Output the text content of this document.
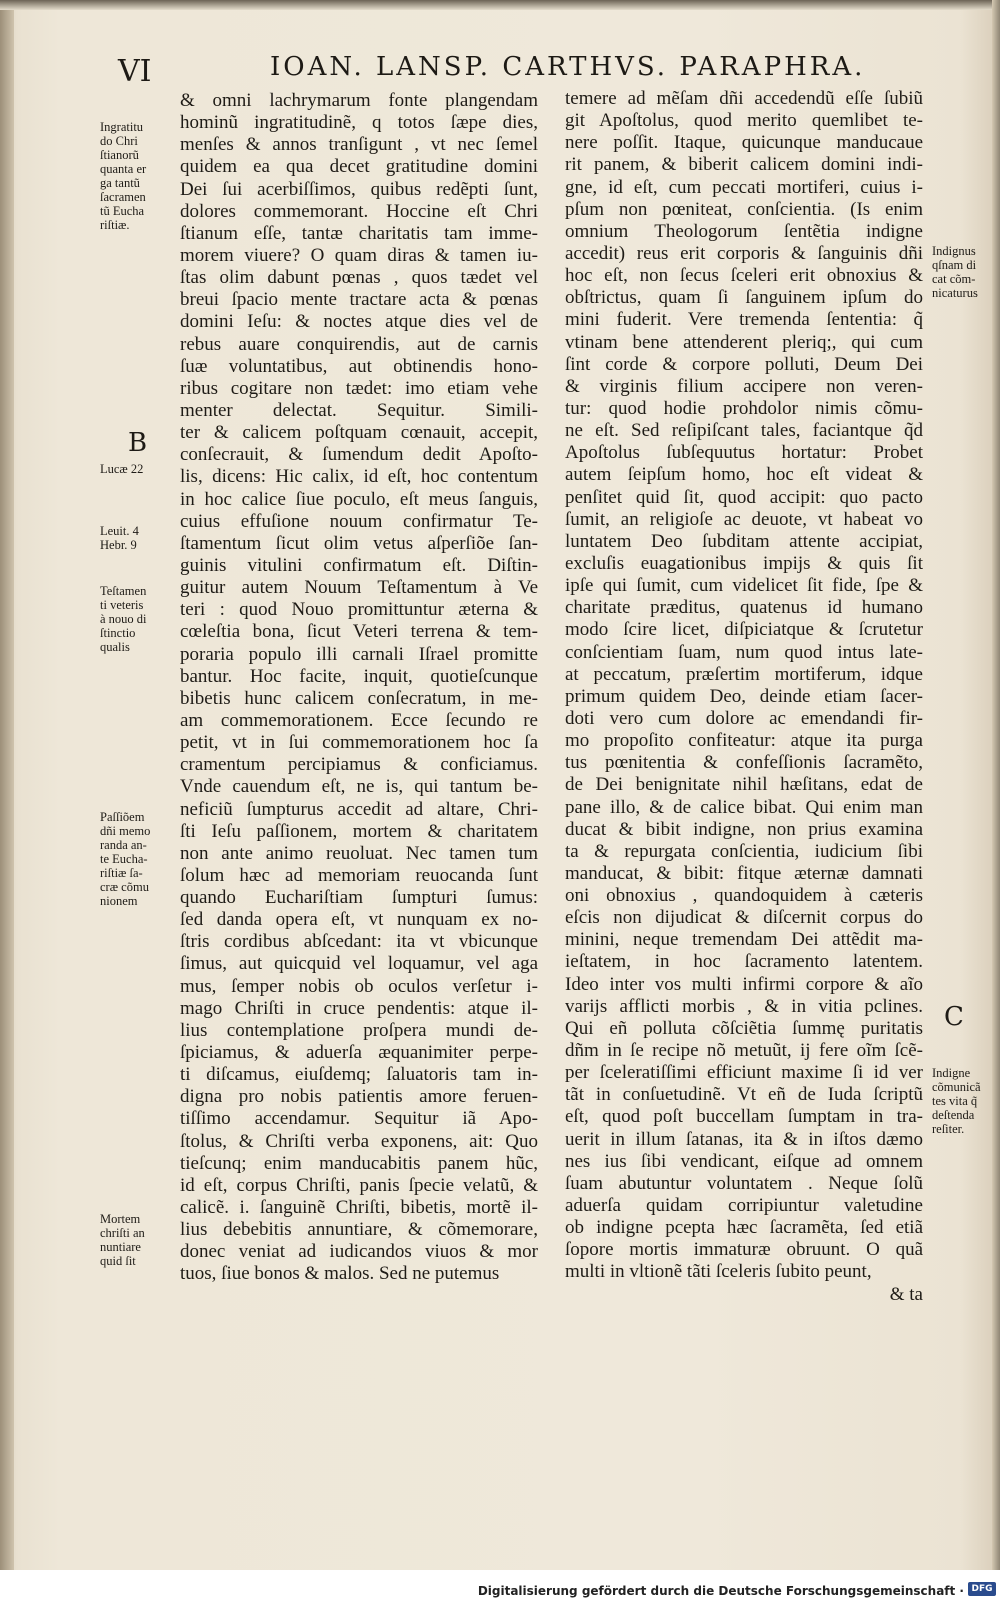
VI	IOAN. LANSP. CARTHVS. PARAPHRA.
& omni lachrymarum fonte plangendam
hominũ ingratitudinẽ, q totos ſæpe dies,
menſes & annos tranſigunt , vt nec ſemel
quidem ea qua decet gratitudine domini
Dei ſui acerbiſſimos, quibus redẽpti ſunt,
dolores commemorant. Hoccine eſt Chri
ſtianum eſſe, tantæ charitatis tam imme-
morem viuere? O quam diras & tamen iu-
ſtas olim dabunt pœnas , quos tædet vel
breui ſpacio mente tractare acta & pœnas
domini Ieſu: & noctes atque dies vel de
rebus auare conquirendis, aut de carnis
ſuæ voluntatibus, aut obtinendis hono-
ribus cogitare non tædet: imo etiam vehe
menter delectat. Sequitur. Simili-
ter & calicem poſtquam cœnauit, accepit,
conſecrauit, & ſumendum dedit Apoſto-
lis, dicens: Hic calix, id eſt, hoc contentum
in hoc calice ſiue poculo, eſt meus ſanguis,
cuius effuſione nouum confirmatur Te-
ſtamentum ſicut olim vetus aſperſiõe ſan-
guinis vitulini confirmatum eſt. Diſtin-
guitur autem Nouum Teſtamentum à Ve
teri : quod Nouo promittuntur æterna &
cœleſtia bona, ſicut Veteri terrena & tem-
poraria populo illi carnali Iſrael promitte
bantur. Hoc facite, inquit, quotieſcunque
bibetis hunc calicem conſecratum, in me-
am commemorationem. Ecce ſecundo re
petit, vt in ſui commemorationem hoc ſa
cramentum percipiamus & conficiamus.
Vnde cauendum eſt, ne is, qui tantum be-
neficiũ ſumpturus accedit ad altare, Chri-
ſti Ieſu paſſionem, mortem & charitatem
non ante animo reuoluat. Nec tamen tum
ſolum hæc ad memoriam reuocanda ſunt
quando Euchariſtiam ſumpturi ſumus:
ſed danda opera eſt, vt nunquam ex no-
ſtris cordibus abſcedant: ita vt vbicunque
ſimus, aut quicquid vel loquamur, vel aga
mus, ſemper nobis ob oculos verſetur i-
mago Chriſti in cruce pendentis: atque il-
lius contemplatione proſpera mundi de-
ſpiciamus, & aduerſa æquanimiter perpe-
ti diſcamus, eiuſdemq; ſaluatoris tam in-
digna pro nobis patientis amore feruen-
tiſſimo accendamur. Sequitur iã Apo-
ſtolus, & Chriſti verba exponens, ait: Quo
tieſcunq; enim manducabitis panem hũc,
id eſt, corpus Chriſti, panis ſpecie velatũ, &
calicẽ. i. ſanguinẽ Chriſti, bibetis, mortẽ il-
lius debebitis annuntiare, & cõmemorare,
donec veniat ad iudicandos viuos & mor
tuos, ſiue bonos & malos. Sed ne putemus
temere ad mẽſam dñi accedendũ eſſe ſubiũ
git Apoſtolus, quod merito quemlibet te-
nere poſſit. Itaque, quicunque manducaue
rit panem, & biberit calicem domini indi-
gne, id eſt, cum peccati mortiferi, cuius i-
pſum non pœniteat, conſcientia. (Is enim
omnium Theologorum ſentẽtia indigne
accedit) reus erit corporis & ſanguinis dñi
hoc eſt, non ſecus ſceleri erit obnoxius &
obſtrictus, quam ſi ſanguinem ipſum do
mini fuderit. Vere tremenda ſententia: q̃
vtinam bene attenderent pleriq;, qui cum
ſint corde & corpore polluti, Deum Dei
& virginis filium accipere non veren-
tur: quod hodie prohdolor nimis cõmu-
ne eſt. Sed reſipiſcant tales, faciantque q̃d
Apoſtolus ſubſequutus hortatur: Probet
autem ſeipſum homo, hoc eſt videat &
penſitet quid ſit, quod accipit: quo pacto
ſumit, an religioſe ac deuote, vt habeat vo
luntatem Deo ſubditam attente accipiat,
excluſis euagationibus impijs & quis ſit
ipſe qui ſumit, cum videlicet ſit fide, ſpe &
charitate præditus, quatenus id humano
modo ſcire licet, diſpiciatque & ſcrutetur
conſcientiam ſuam, num quod intus late-
at peccatum, præſertim mortiferum, idque
primum quidem Deo, deinde etiam ſacer-
doti vero cum dolore ac emendandi fir-
mo propoſito confiteatur: atque ita purga
tus pœnitentia & confeſſionis ſacramẽto,
de Dei benignitate nihil hæſitans, edat de
pane illo, & de calice bibat. Qui enim man
ducat & bibit indigne, non prius examina
ta & repurgata conſcientia, iudicium ſibi
manducat, & bibit: fitque æternæ damnati
oni obnoxius , quandoquidem à cæteris
eſcis non dijudicat & diſcernit corpus do
minini, neque tremendam Dei attẽdit ma-
ieſtatem, in hoc ſacramento latentem.
Ideo inter vos multi infirmi corpore & aĩo
varijs afflicti morbis , & in vitia pclines.
Qui eñ polluta cõſciẽtia ſummę puritatis
dñm in ſe recipe nõ metuũt, ij fere oĩm ſcẽ-
per ſceleratiſſimi efficiunt maxime ſi id ver
tãt in conſuetudinẽ. Vt eñ de Iuda ſcriptũ
eſt, quod poſt buccellam ſumptam in tra-
uerit in illum ſatanas, ita & in iſtos dæmo
nes ius ſibi vendicant, eiſque ad omnem
ſuam abutuntur voluntatem . Neque ſolũ
aduerſa quidam corripiuntur valetudine
ob indigne pcepta hæc ſacramẽta, ſed etiã
ſopore mortis immaturæ obruunt. O quã
multi in vltionẽ tãti ſceleris ſubito peunt,
& ta
Ingratitu
do Chri
ſtianorũ
quanta er
ga tantũ
ſacramen
tũ Eucha
riſtiæ.
B
Lucæ 22
Leuit. 4
Hebr. 9
Teſtamen
ti veteris
à nouo di
ſtinctio
qualis
Paſſiõem
dñi memo
randa an-
te Eucha-
riſtiæ ſa-
cræ cõmu
nionem
Mortem
chriſti an
nuntiare
quid ſit
Indignus
qſnam di
cat cõm-
nicaturus
C
Indigne
cõmunicã
tes vita q̃
deſtenda
reſiter.
Digitalisierung gefördert durch die Deutsche Forschungsgemeinschaft · DFG
